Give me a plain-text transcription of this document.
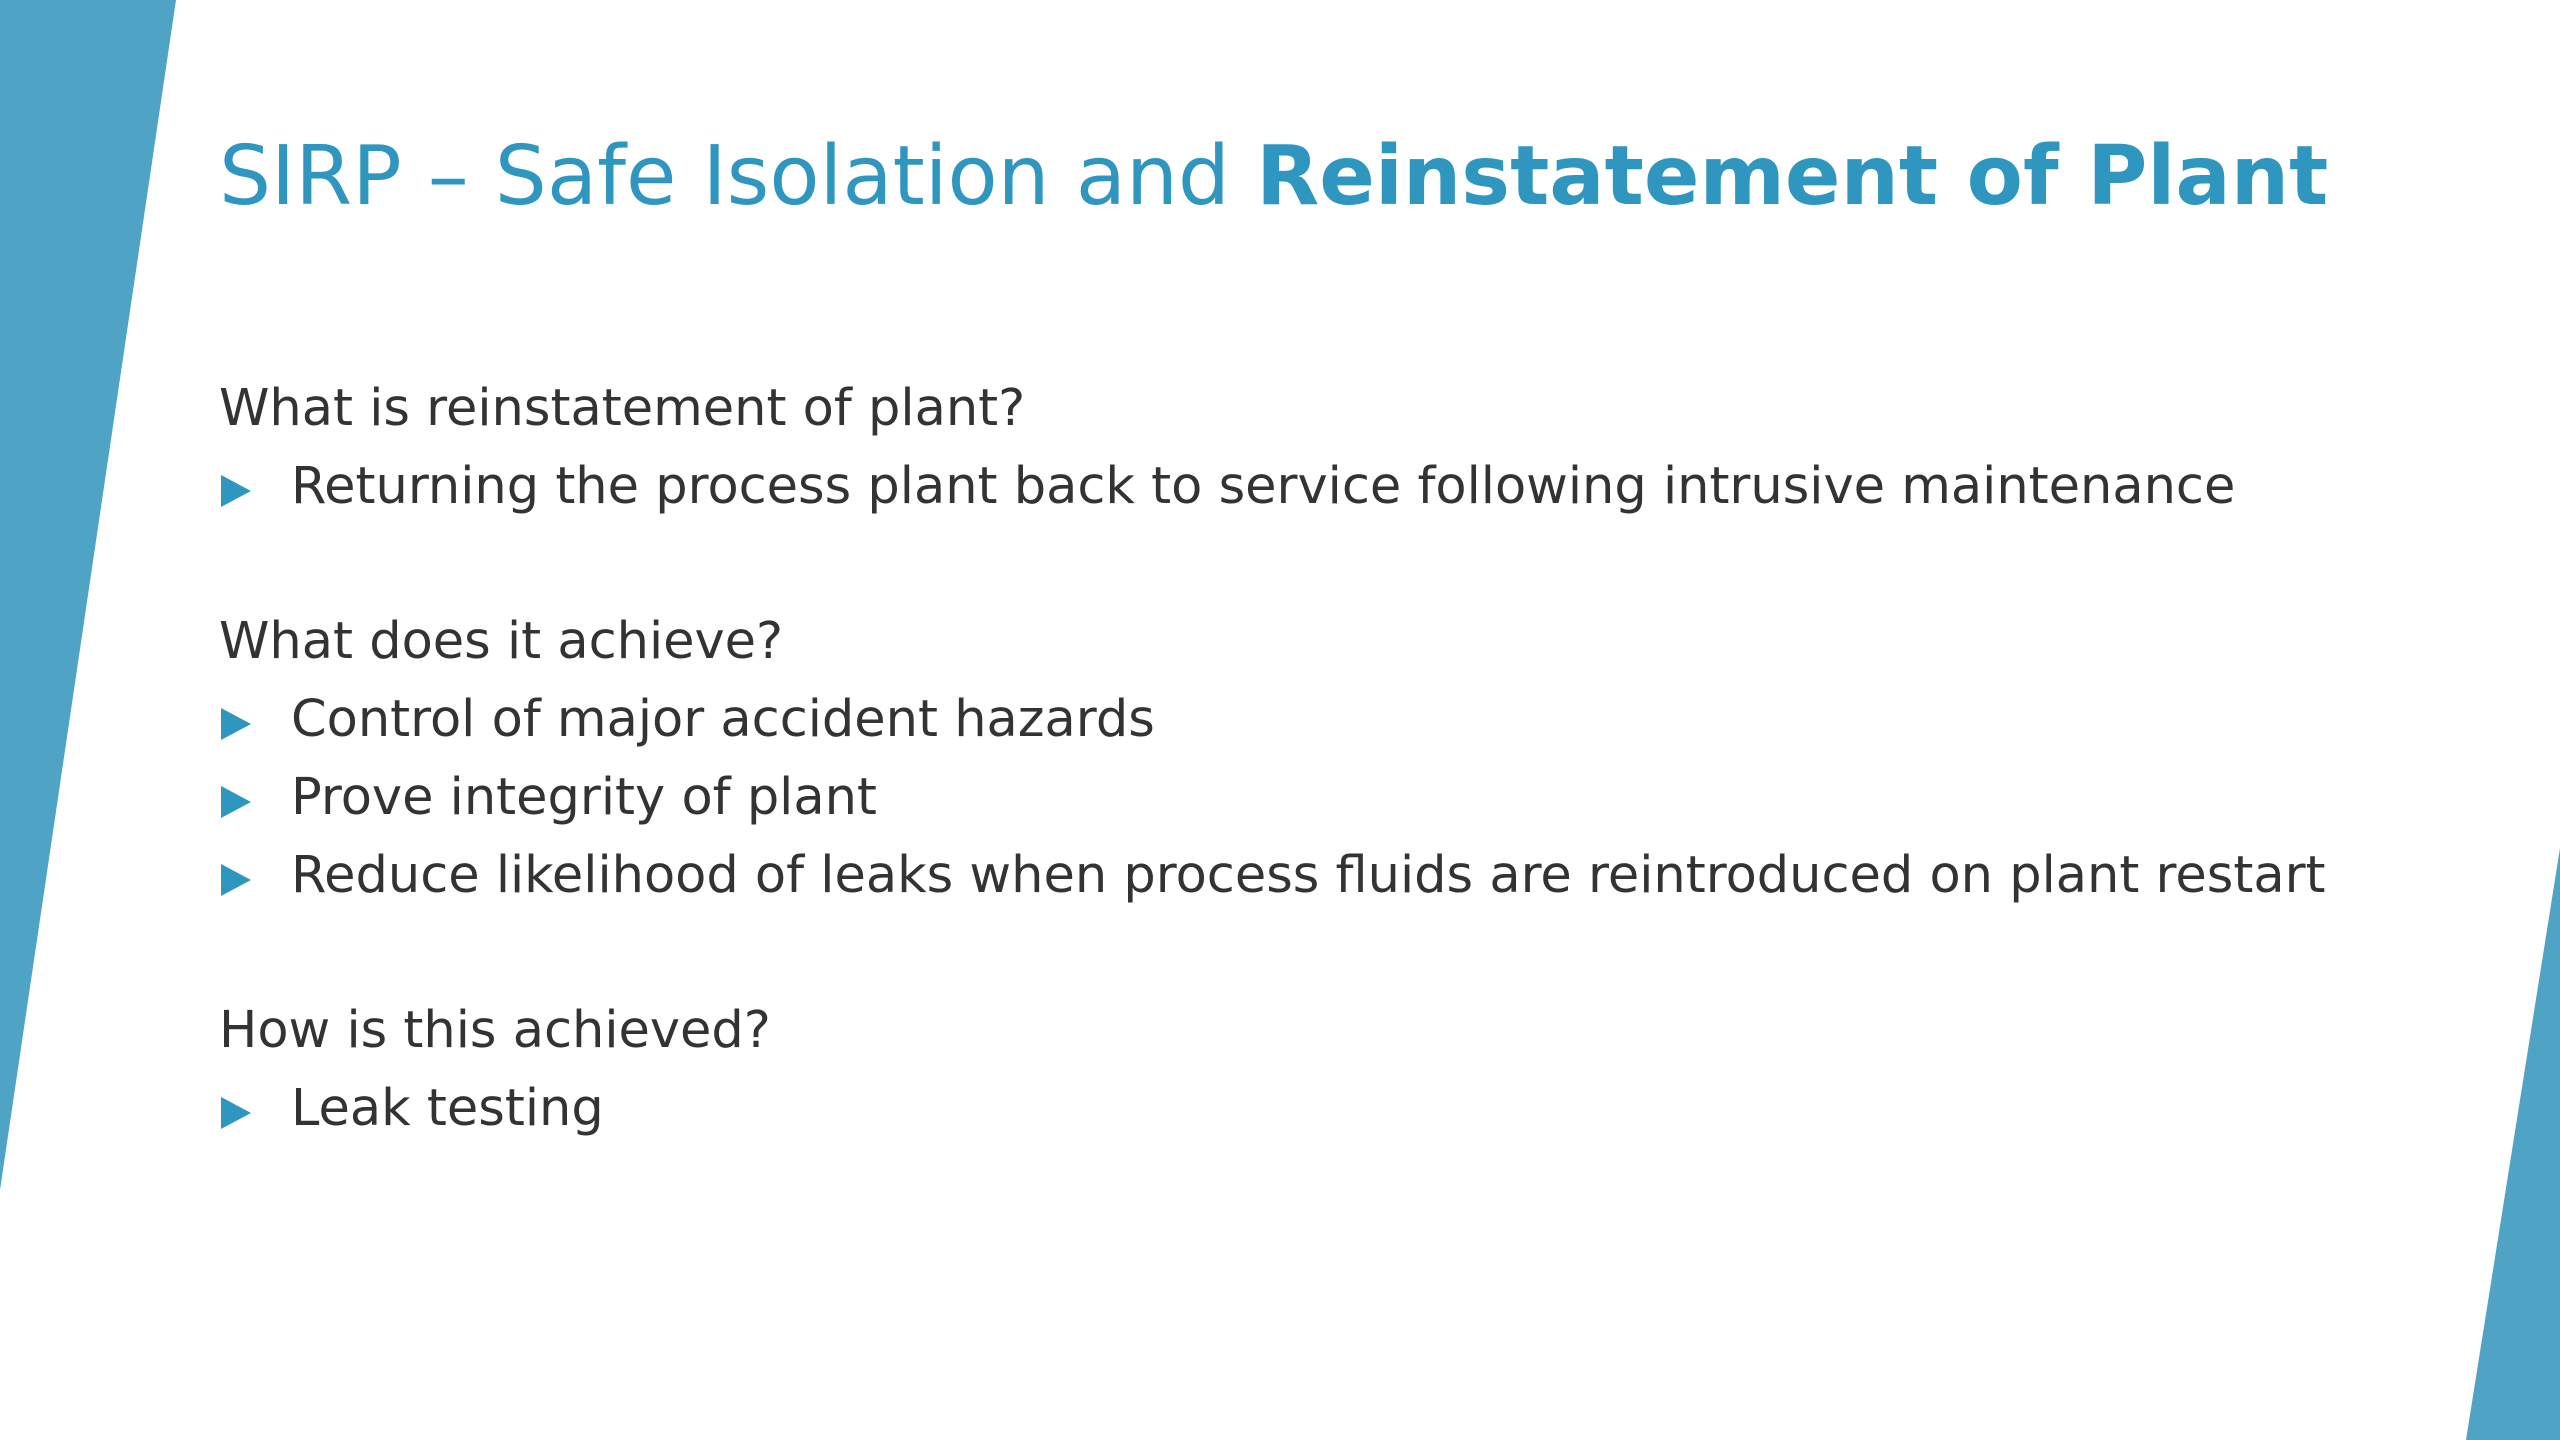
SIRP – Safe Isolation and Reinstatement of Plant
What is reinstatement of plant?
Returning the process plant back to service following intrusive maintenance
What does it achieve?
Control of major accident hazards
Prove integrity of plant
Reduce likelihood of leaks when process fluids are reintroduced on plant restart
How is this achieved?
Leak testing
